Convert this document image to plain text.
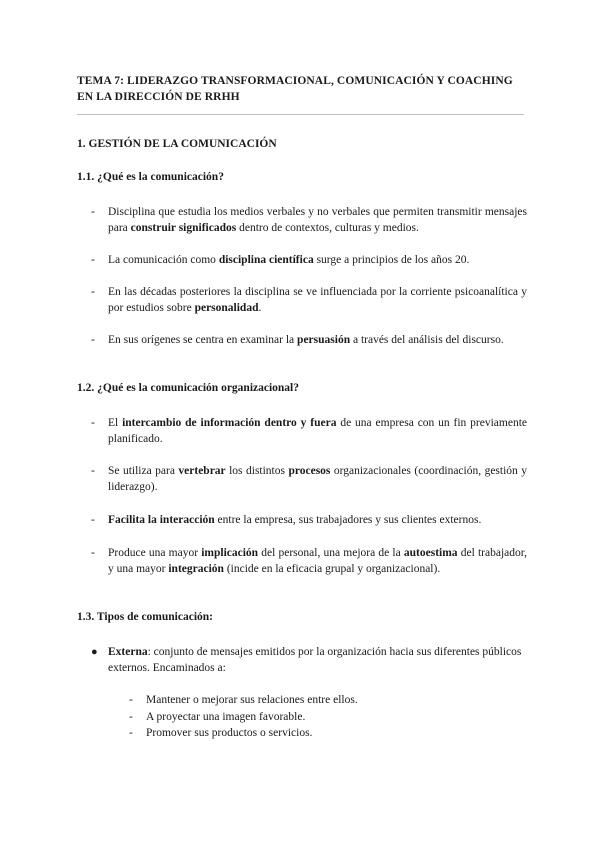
TEMA 7: LIDERAZGO TRANSFORMACIONAL, COMUNICACIÓN Y COACHING EN LA DIRECCIÓN DE RRHH
1. GESTIÓN DE LA COMUNICACIÓN
1.1. ¿Qué es la comunicación?
-	Disciplina que estudia los medios verbales y no verbales que permiten transmitir mensajes para construir significados dentro de contextos, culturas y medios.
-	La comunicación como disciplina científica surge a principios de los años 20.
-	En las décadas posteriores la disciplina se ve influenciada por la corriente psicoanalítica y por estudios sobre personalidad.
-	En sus orígenes se centra en examinar la persuasión a través del análisis del discurso.
1.2. ¿Qué es la comunicación organizacional?
-	El intercambio de información dentro y fuera de una empresa con un fin previamente planificado.
-	Se utiliza para vertebrar los distintos procesos organizacionales (coordinación, gestión y liderazgo).
-	Facilita la interacción entre la empresa, sus trabajadores y sus clientes externos.
-	Produce una mayor implicación del personal, una mejora de la autoestima del trabajador, y una mayor integración (incide en la eficacia grupal y organizacional).
1.3. Tipos de comunicación:
● Externa: conjunto de mensajes emitidos por la organización hacia sus diferentes públicos externos. Encaminados a:
- Mantener o mejorar sus relaciones entre ellos.
- A proyectar una imagen favorable.
- Promover sus productos o servicios.
